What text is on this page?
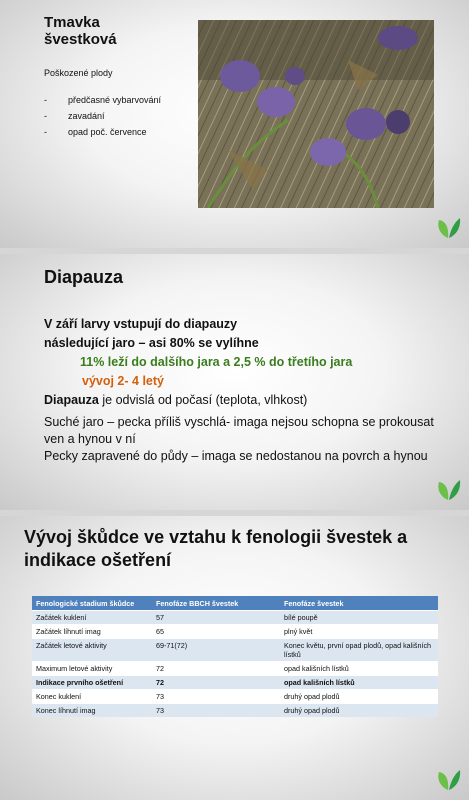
Tmavka
švestková
Poškozené plody
- předčasné vybarvování
- zavadání
- opad poč. července
Diapauza
V září larvy vstupují do diapauzy
následující jaro – asi 80% se vylíhne
11% leží do dalšího jara a 2,5 % do třetího jara
vývoj 2- 4 letý
Diapauza je odvislá od počasí (teplota, vlhkost)
Suché jaro – pecka příliš vyschlá- imaga nejsou schopna se prokousat ven a hynou v ní
Pecky zapravené do půdy – imaga se nedostanou na povrch a hynou
Vývoj škůdce ve vztahu k fenologii švestek a indikace ošetření
Fenologické stadium škůdce	Fenofáze BBCH švestek	Fenofáze švestek
Začátek kuklení	57	bílé poupě
Začátek líhnutí imag	65	plný květ
Začátek letové aktivity	69-71(72)	Konec květu, první opad plodů, opad kališních lístků
Maximum letové aktivity	72	opad kališních lístků
Indikace prvního ošetření	72	opad kališních lístků
Konec kuklení	73	druhý opad plodů
Konec líhnutí imag	73	druhý opad plodů
